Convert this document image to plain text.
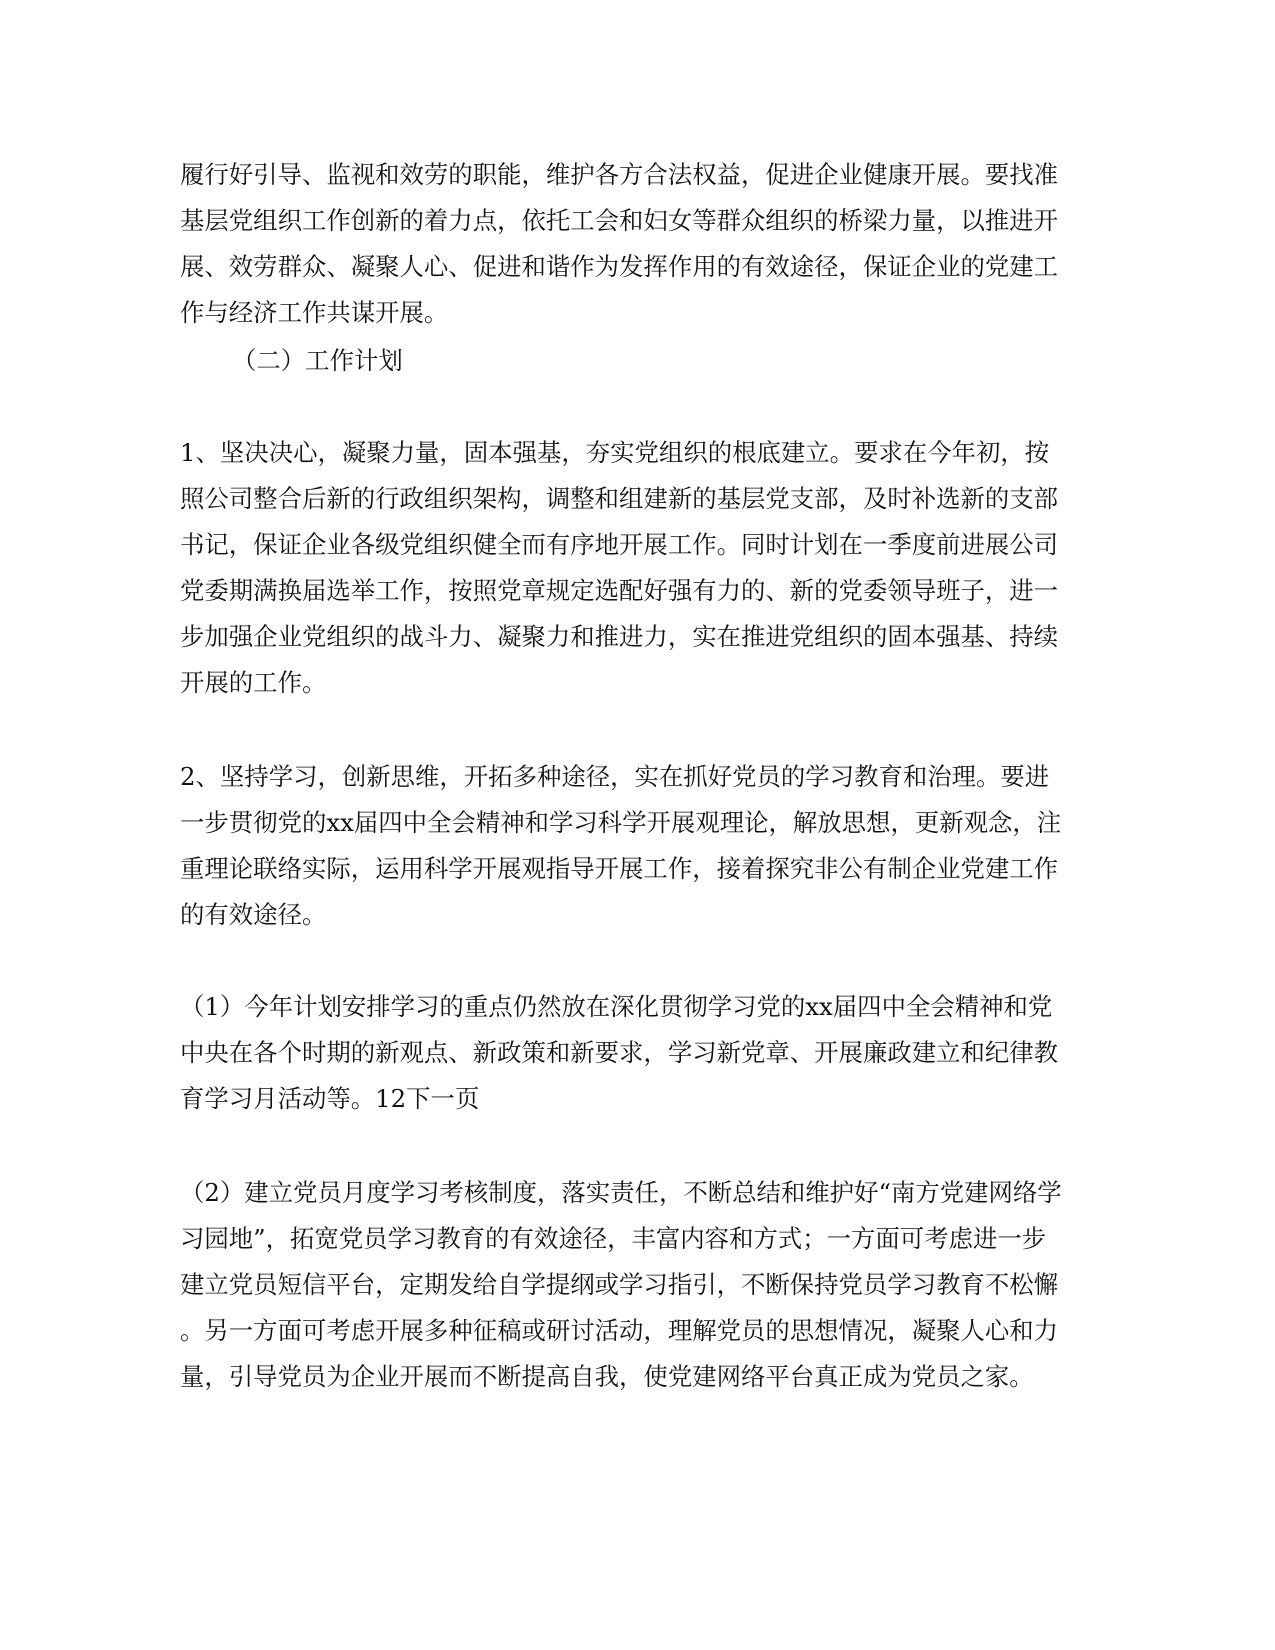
履行好引导、监视和效劳的职能，维护各方合法权益，促进企业健康开展。要找准

基层党组织工作创新的着力点，依托工会和妇女等群众组织的桥梁力量，以推进开

展、效劳群众、凝聚人心、促进和谐作为发挥作用的有效途径，保证企业的党建工

作与经济工作共谋开展。

（二）工作计划

1、坚决决心，凝聚力量，固本强基，夯实党组织的根底建立。要求在今年初，按

照公司整合后新的行政组织架构，调整和组建新的基层党支部，及时补选新的支部

书记，保证企业各级党组织健全而有序地开展工作。同时计划在一季度前进展公司

党委期满换届选举工作，按照党章规定选配好强有力的、新的党委领导班子，进一

步加强企业党组织的战斗力、凝聚力和推进力，实在推进党组织的固本强基、持续

开展的工作。

2、坚持学习，创新思维，开拓多种途径，实在抓好党员的学习教育和治理。要进

一步贯彻党的xx届四中全会精神和学习科学开展观理论，解放思想，更新观念，注

重理论联络实际，运用科学开展观指导开展工作，接着探究非公有制企业党建工作

的有效途径。

（1）今年计划安排学习的重点仍然放在深化贯彻学习党的xx届四中全会精神和党

中央在各个时期的新观点、新政策和新要求，学习新党章、开展廉政建立和纪律教

育学习月活动等。12下一页

（2）建立党员月度学习考核制度，落实责任，不断总结和维护好“南方党建网络学

习园地”，拓宽党员学习教育的有效途径，丰富内容和方式；一方面可考虑进一步

建立党员短信平台，定期发给自学提纲或学习指引，不断保持党员学习教育不松懈

。另一方面可考虑开展多种征稿或研讨活动，理解党员的思想情况，凝聚人心和力

量，引导党员为企业开展而不断提高自我，使党建网络平台真正成为党员之家。
